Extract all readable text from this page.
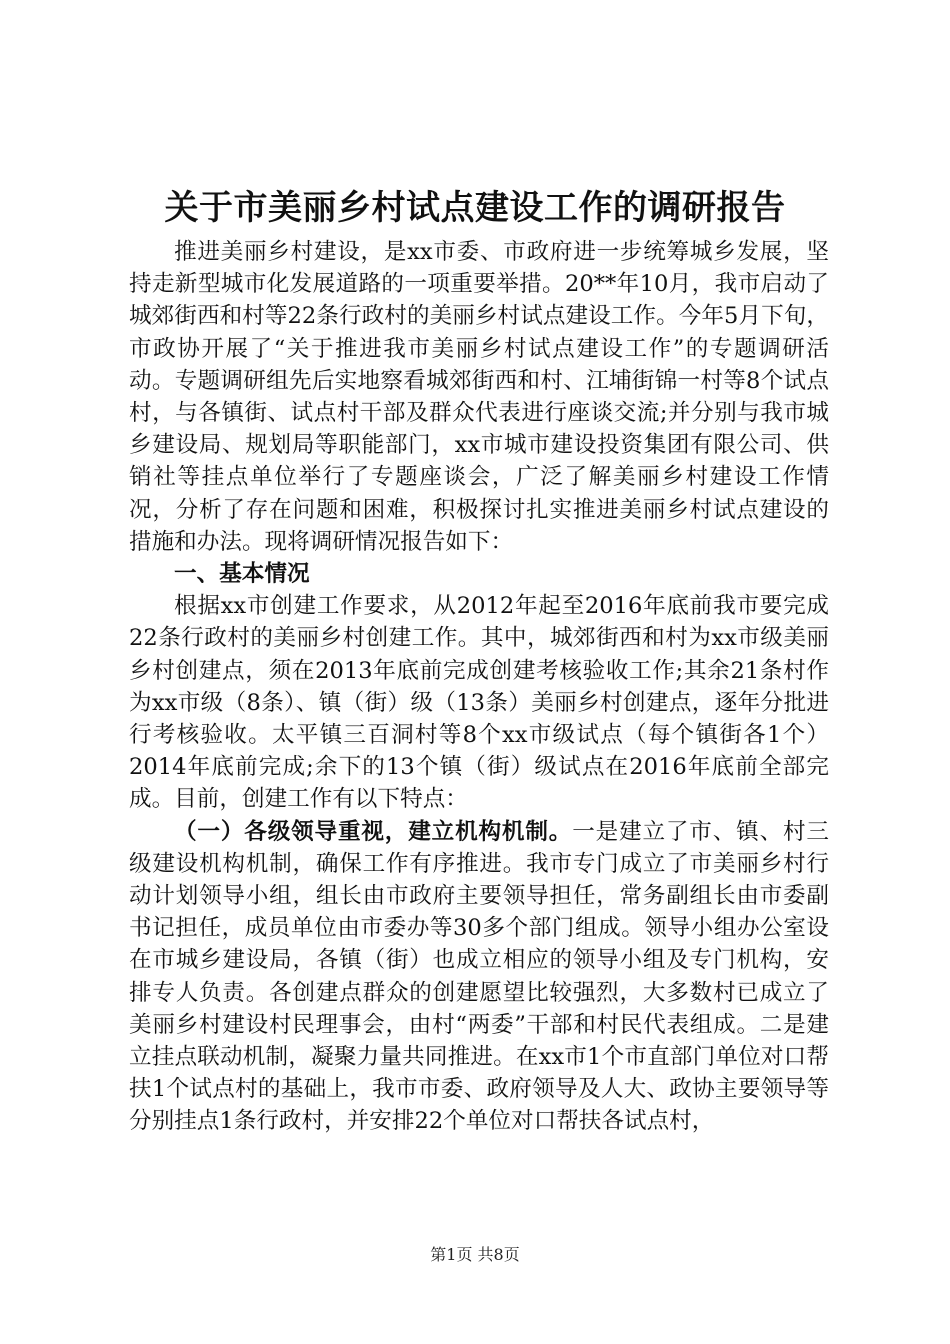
关于市美丽乡村试点建设工作的调研报告

推进美丽乡村建设，是xx市委、市政府进一步统筹城乡发展，坚持走新型城市化发展道路的一项重要举措。20**年10月，我市启动了城郊街西和村等22条行政村的美丽乡村试点建设工作。今年5月下旬，市政协开展了“关于推进我市美丽乡村试点建设工作”的专题调研活动。专题调研组先后实地察看城郊街西和村、江埔街锦一村等8个试点村，与各镇街、试点村干部及群众代表进行座谈交流;并分别与我市城乡建设局、规划局等职能部门，xx市城市建设投资集团有限公司、供销社等挂点单位举行了专题座谈会，广泛了解美丽乡村建设工作情况，分析了存在问题和困难，积极探讨扎实推进美丽乡村试点建设的措施和办法。现将调研情况报告如下：

一、基本情况

根据xx市创建工作要求，从2012年起至2016年底前我市要完成22条行政村的美丽乡村创建工作。其中，城郊街西和村为xx市级美丽乡村创建点，须在2013年底前完成创建考核验收工作;其余21条村作为xx市级（8条）、镇（街）级（13条）美丽乡村创建点，逐年分批进行考核验收。太平镇三百洞村等8个xx市级试点（每个镇街各1个）2014年底前完成;余下的13个镇（街）级试点在2016年底前全部完成。目前，创建工作有以下特点：

（一）各级领导重视，建立机构机制。一是建立了市、镇、村三级建设机构机制，确保工作有序推进。我市专门成立了市美丽乡村行动计划领导小组，组长由市政府主要领导担任，常务副组长由市委副书记担任，成员单位由市委办等30多个部门组成。领导小组办公室设在市城乡建设局，各镇（街）也成立相应的领导小组及专门机构，安排专人负责。各创建点群众的创建愿望比较强烈，大多数村已成立了美丽乡村建设村民理事会，由村“两委”干部和村民代表组成。二是建立挂点联动机制，凝聚力量共同推进。在xx市1个市直部门单位对口帮扶1个试点村的基础上，我市市委、政府领导及人大、政协主要领导等分别挂点1条行政村，并安排22个单位对口帮扶各试点村，

第1页 共8页
